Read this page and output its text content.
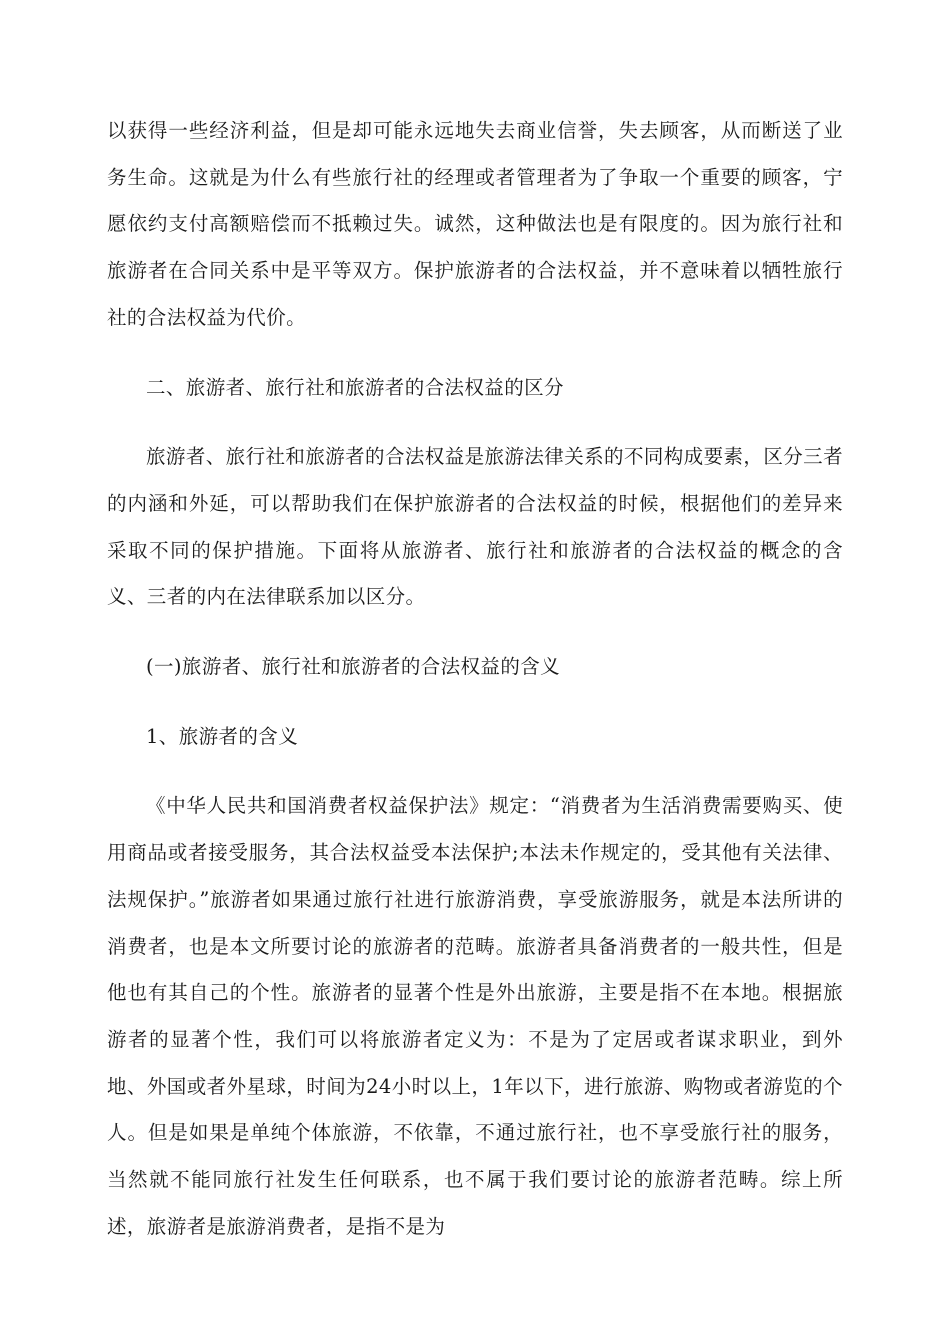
以获得一些经济利益，但是却可能永远地失去商业信誉，失去顾客，从而断送了业务生命。这就是为什么有些旅行社的经理或者管理者为了争取一个重要的顾客，宁愿依约支付高额赔偿而不抵赖过失。诚然，这种做法也是有限度的。因为旅行社和旅游者在合同关系中是平等双方。保护旅游者的合法权益，并不意味着以牺牲旅行社的合法权益为代价。

二、旅游者、旅行社和旅游者的合法权益的区分

旅游者、旅行社和旅游者的合法权益是旅游法律关系的不同构成要素，区分三者的内涵和外延，可以帮助我们在保护旅游者的合法权益的时候，根据他们的差异来采取不同的保护措施。下面将从旅游者、旅行社和旅游者的合法权益的概念的含义、三者的内在法律联系加以区分。

(一)旅游者、旅行社和旅游者的合法权益的含义

1、旅游者的含义

《中华人民共和国消费者权益保护法》规定：“消费者为生活消费需要购买、使用商品或者接受服务，其合法权益受本法保护;本法未作规定的，受其他有关法律、法规保护。”旅游者如果通过旅行社进行旅游消费，享受旅游服务，就是本法所讲的消费者，也是本文所要讨论的旅游者的范畴。旅游者具备消费者的一般共性，但是他也有其自己的个性。旅游者的显著个性是外出旅游，主要是指不在本地。根据旅游者的显著个性，我们可以将旅游者定义为：不是为了定居或者谋求职业，到外地、外国或者外星球，时间为24小时以上，1年以下，进行旅游、购物或者游览的个人。但是如果是单纯个体旅游，不依靠，不通过旅行社，也不享受旅行社的服务，当然就不能同旅行社发生任何联系，也不属于我们要讨论的旅游者范畴。综上所述，旅游者是旅游消费者，是指不是为
